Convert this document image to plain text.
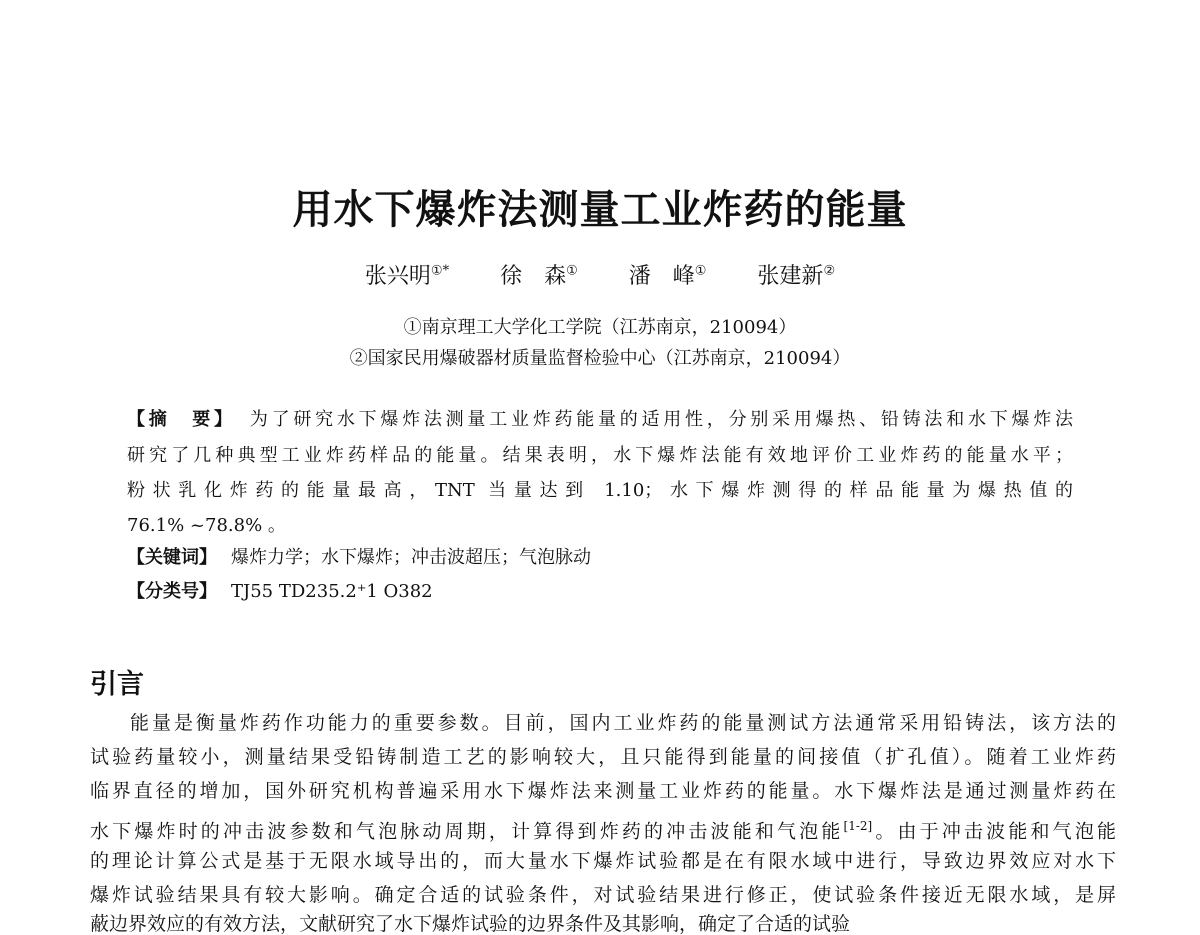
用水下爆炸法测量工业炸药的能量
张兴明①* 徐　森① 潘　峰① 张建新②
①南京理工大学化工学院（江苏南京，210094）
②国家民用爆破器材质量监督检验中心（江苏南京，210094）
【摘　要】 为了研究水下爆炸法测量工业炸药能量的适用性，分别采用爆热、铅铸法和水下爆炸法
研究了几种典型工业炸药样品的能量。结果表明，水下爆炸法能有效地评价工业炸药的能量水平；
粉状乳化炸药的能量最高，TNT 当量达到 1.10；水下爆炸测得的样品能量为爆热值的
76.1% ~78.8% 。
【关键词】 爆炸力学；水下爆炸；冲击波超压；气泡脉动
【分类号】 TJ55 TD235.2⁺1 O382
引言
能量是衡量炸药作功能力的重要参数。目前，国内工业炸药的能量测试方法通常采用铅铸法，该方法的
试验药量较小，测量结果受铅铸制造工艺的影响较大，且只能得到能量的间接值（扩孔值）。随着工业炸药
临界直径的增加，国外研究机构普遍采用水下爆炸法来测量工业炸药的能量。水下爆炸法是通过测量炸药在
水下爆炸时的冲击波参数和气泡脉动周期，计算得到炸药的冲击波能和气泡能[1-2]。由于冲击波能和气泡能
的理论计算公式是基于无限水域导出的，而大量水下爆炸试验都是在有限水域中进行，导致边界效应对水下
爆炸试验结果具有较大影响。确定合适的试验条件，对试验结果进行修正，使试验条件接近无限水域，是屏
蔽边界效应的有效方法，文献研究了水下爆炸试验的边界条件及其影响，确定了合适的试验
